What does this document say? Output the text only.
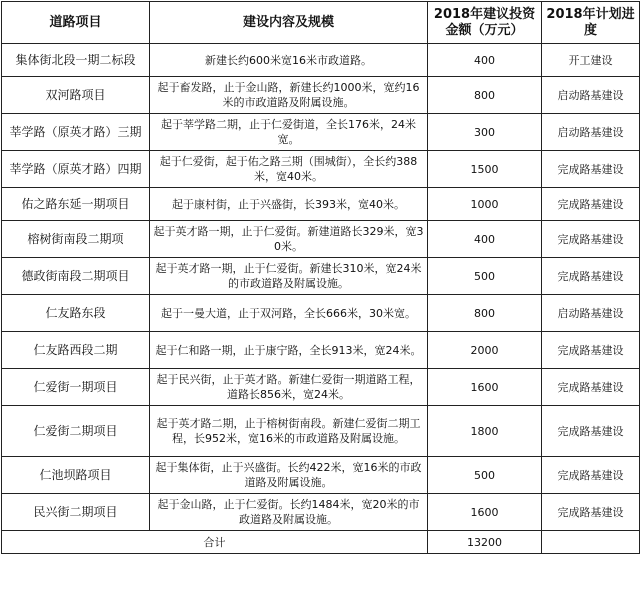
道路项目	建设内容及规模	2018年建议投资金额（万元）	2018年计划进度
集体街北段一期二标段	新建长约600米宽16米市政道路。	400	开工建设
双河路项目	起于畜发路，止于金山路，新建长约1000米，宽约16米的市政道路及附属设施。	800	启动路基建设
莘学路（原英才路）三期	起于莘学路二期，止于仁爱街道，全长176米，24米宽。	300	启动路基建设
莘学路（原英才路）四期	起于仁爱街，起于佑之路三期（围城街），全长约388米，宽40米。	1500	完成路基建设
佑之路东延一期项目	起于康村街，止于兴盛街，长393米，宽40米。	1000	完成路基建设
榕树街南段二期项	起于英才路一期，止于仁爱街。新建道路长329米，宽30米。	400	完成路基建设
德政街南段二期项目	起于英才路一期，止于仁爱街。新建长310米，宽24米的市政道路及附属设施。	500	完成路基建设
仁友路东段	起于一曼大道，止于双河路，全长666米，30米宽。	800	启动路基建设
仁友路西段二期	起于仁和路一期，止于康宁路，全长913米，宽24米。	2000	完成路基建设
仁爱街一期项目	起于民兴街，止于英才路。新建仁爱街一期道路工程，道路长856米，宽24米。	1600	完成路基建设
仁爱街二期项目	起于英才路二期，止于榕树街南段。新建仁爱街二期工程，长952米，宽16米的市政道路及附属设施。	1800	完成路基建设
仁池坝路项目	起于集体街，止于兴盛街。长约422米，宽16米的市政道路及附属设施。	500	完成路基建设
民兴街二期项目	起于金山路，止于仁爱街。长约1484米，宽20米的市政道路及附属设施。	1600	完成路基建设
合计		13200	
